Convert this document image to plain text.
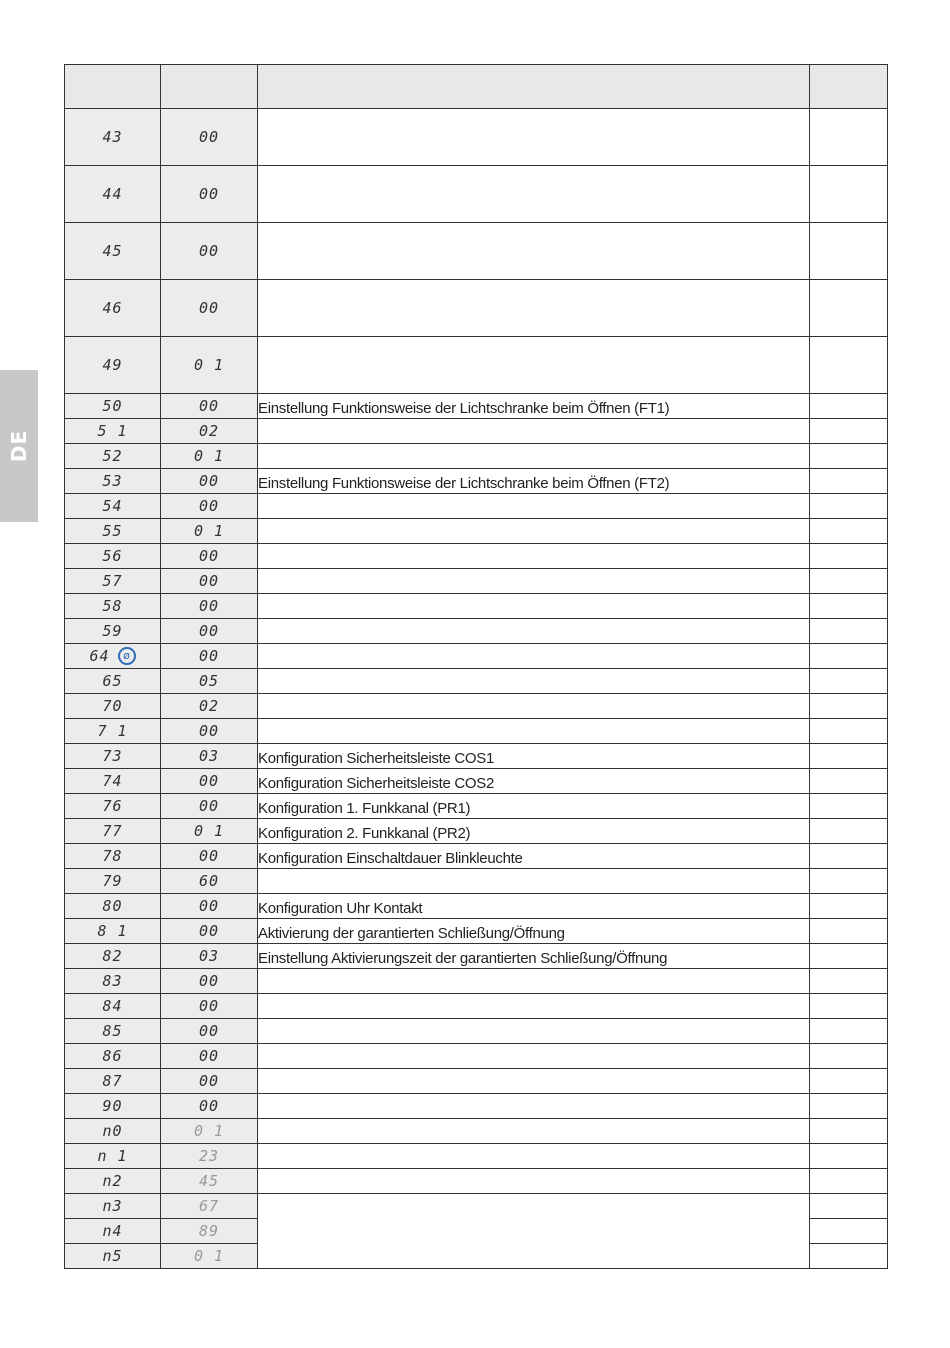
DE

43	00		
44	00		
45	00		
46	00		
49	0 1		
50	00	Einstellung Funktionsweise der Lichtschranke beim Öffnen (FT1)	
5 1	02		
52	0 1		
53	00	Einstellung Funktionsweise der Lichtschranke beim Öffnen (FT2)	
54	00		
55	0 1		
56	00		
57	00		
58	00		
59	00		
64 ø	00		
65	05		
70	02		
7 1	00		
73	03	Konfiguration Sicherheitsleiste COS1	
74	00	Konfiguration Sicherheitsleiste COS2	
76	00	Konfiguration 1. Funkkanal (PR1)	
77	0 1	Konfiguration 2. Funkkanal (PR2)	
78	00	Konfiguration Einschaltdauer Blinkleuchte	
79	60		
80	00	Konfiguration Uhr Kontakt	
8 1	00	Aktivierung der garantierten Schließung/Öffnung	
82	03	Einstellung Aktivierungszeit der garantierten Schließung/Öffnung	
83	00		
84	00		
85	00		
86	00		
87	00		
90	00		
n0	0 1		
n 1	23		
n2	45		
n3	67		
n4	89		
n5	0 1		
